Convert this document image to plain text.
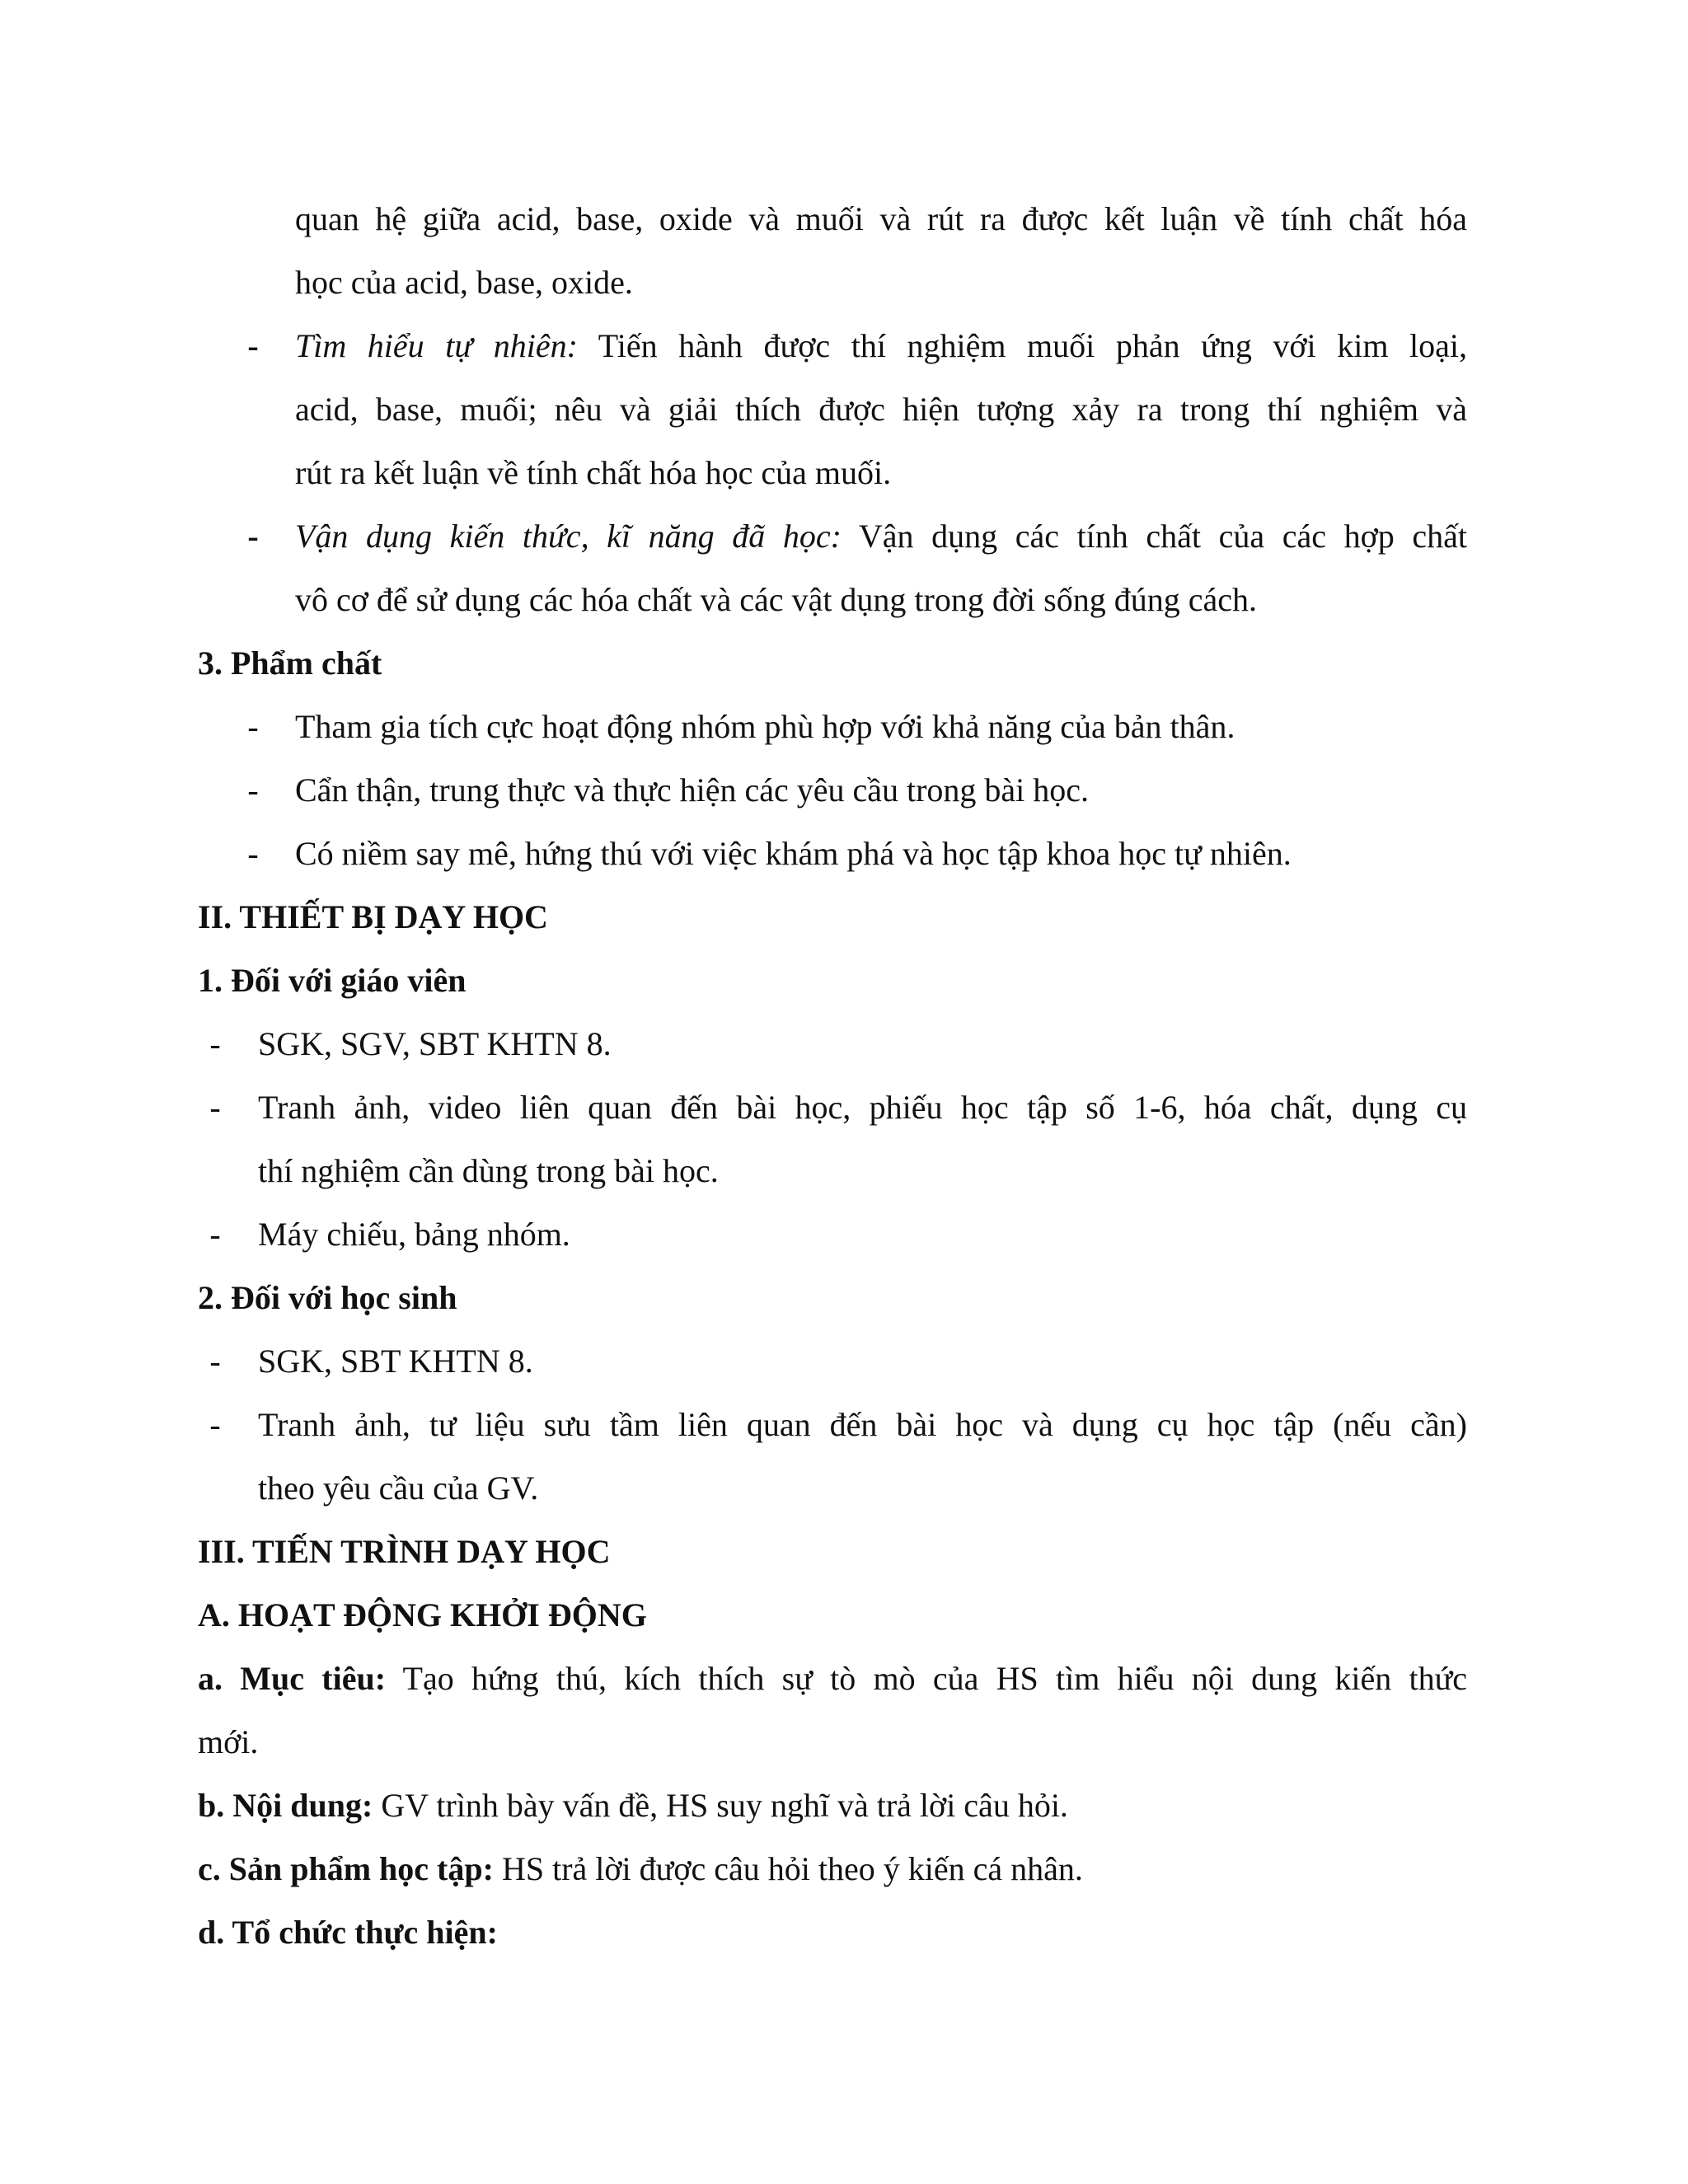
quan hệ giữa acid, base, oxide và muối và rút ra được kết luận về tính chất hóa
học của acid, base, oxide.
- Tìm hiểu tự nhiên: Tiến hành được thí nghiệm muối phản ứng với kim loại,
acid, base, muối; nêu và giải thích được hiện tượng xảy ra trong thí nghiệm và
rút ra kết luận về tính chất hóa học của muối.
- Vận dụng kiến thức, kĩ năng đã học: Vận dụng các tính chất của các hợp chất
vô cơ để sử dụng các hóa chất và các vật dụng trong đời sống đúng cách.
3. Phẩm chất
- Tham gia tích cực hoạt động nhóm phù hợp với khả năng của bản thân.
- Cẩn thận, trung thực và thực hiện các yêu cầu trong bài học.
- Có niềm say mê, hứng thú với việc khám phá và học tập khoa học tự nhiên.
II. THIẾT BỊ DẠY HỌC
1. Đối với giáo viên
- SGK, SGV, SBT KHTN 8.
- Tranh ảnh, video liên quan đến bài học, phiếu học tập số 1-6, hóa chất, dụng cụ
thí nghiệm cần dùng trong bài học.
- Máy chiếu, bảng nhóm.
2. Đối với học sinh
- SGK, SBT KHTN 8.
- Tranh ảnh, tư liệu sưu tầm liên quan đến bài học và dụng cụ học tập (nếu cần)
theo yêu cầu của GV.
III. TIẾN TRÌNH DẠY HỌC
A. HOẠT ĐỘNG KHỞI ĐỘNG
a. Mục tiêu: Tạo hứng thú, kích thích sự tò mò của HS tìm hiểu nội dung kiến thức
mới.
b. Nội dung: GV trình bày vấn đề, HS suy nghĩ và trả lời câu hỏi.
c. Sản phẩm học tập: HS trả lời được câu hỏi theo ý kiến cá nhân.
d. Tổ chức thực hiện:
